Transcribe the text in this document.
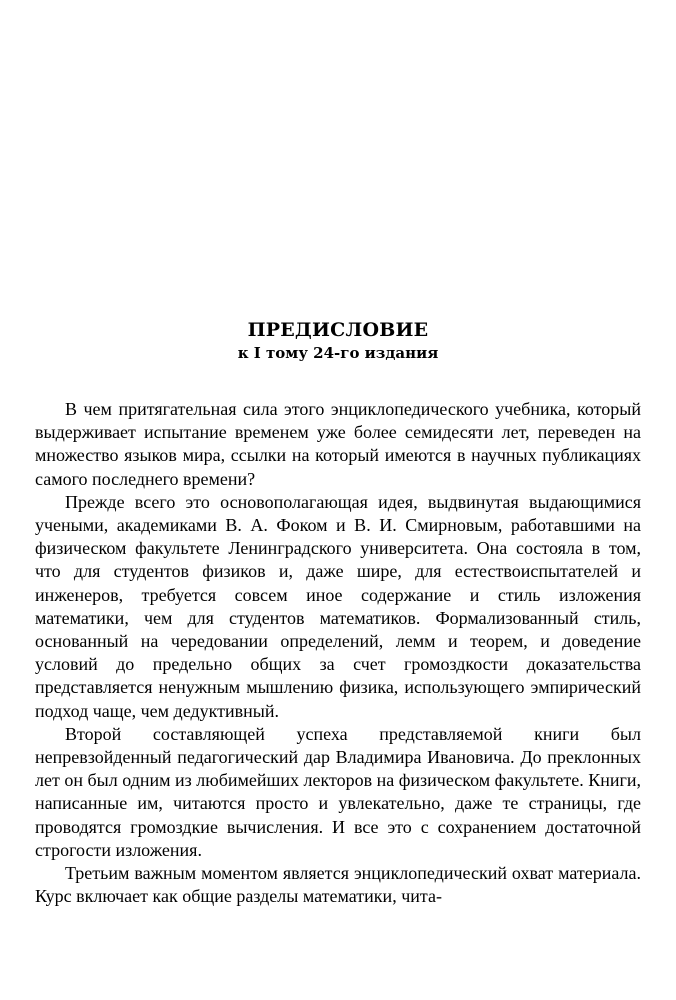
ПРЕДИСЛОВИЕ
к I тому 24-го издания

В чем притягательная сила этого энциклопедического учебника, который выдерживает испытание временем уже более семидесяти лет, переведен на множество языков мира, ссылки на который имеются в научных публикациях самого последнего времени?

Прежде всего это основополагающая идея, выдвинутая выдающимися учеными, академиками В. А. Фоком и В. И. Смирновым, работавшими на физическом факультете Ленинградского университета. Она состояла в том, что для студентов физиков и, даже шире, для естествоиспытателей и инженеров, требуется совсем иное содержание и стиль изложения математики, чем для студентов математиков. Формализованный стиль, основанный на чередовании определений, лемм и теорем, и доведение условий до предельно общих за счет громоздкости доказательства представляется ненужным мышлению физика, использующего эмпирический подход чаще, чем дедуктивный.

Второй составляющей успеха представляемой книги был непревзойденный педагогический дар Владимира Ивановича. До преклонных лет он был одним из любимейших лекторов на физическом факультете. Книги, написанные им, читаются просто и увлекательно, даже те страницы, где проводятся громоздкие вычисления. И все это с сохранением достаточной строгости изложения.

Третьим важным моментом является энциклопедический охват материала. Курс включает как общие разделы математики, чита-
